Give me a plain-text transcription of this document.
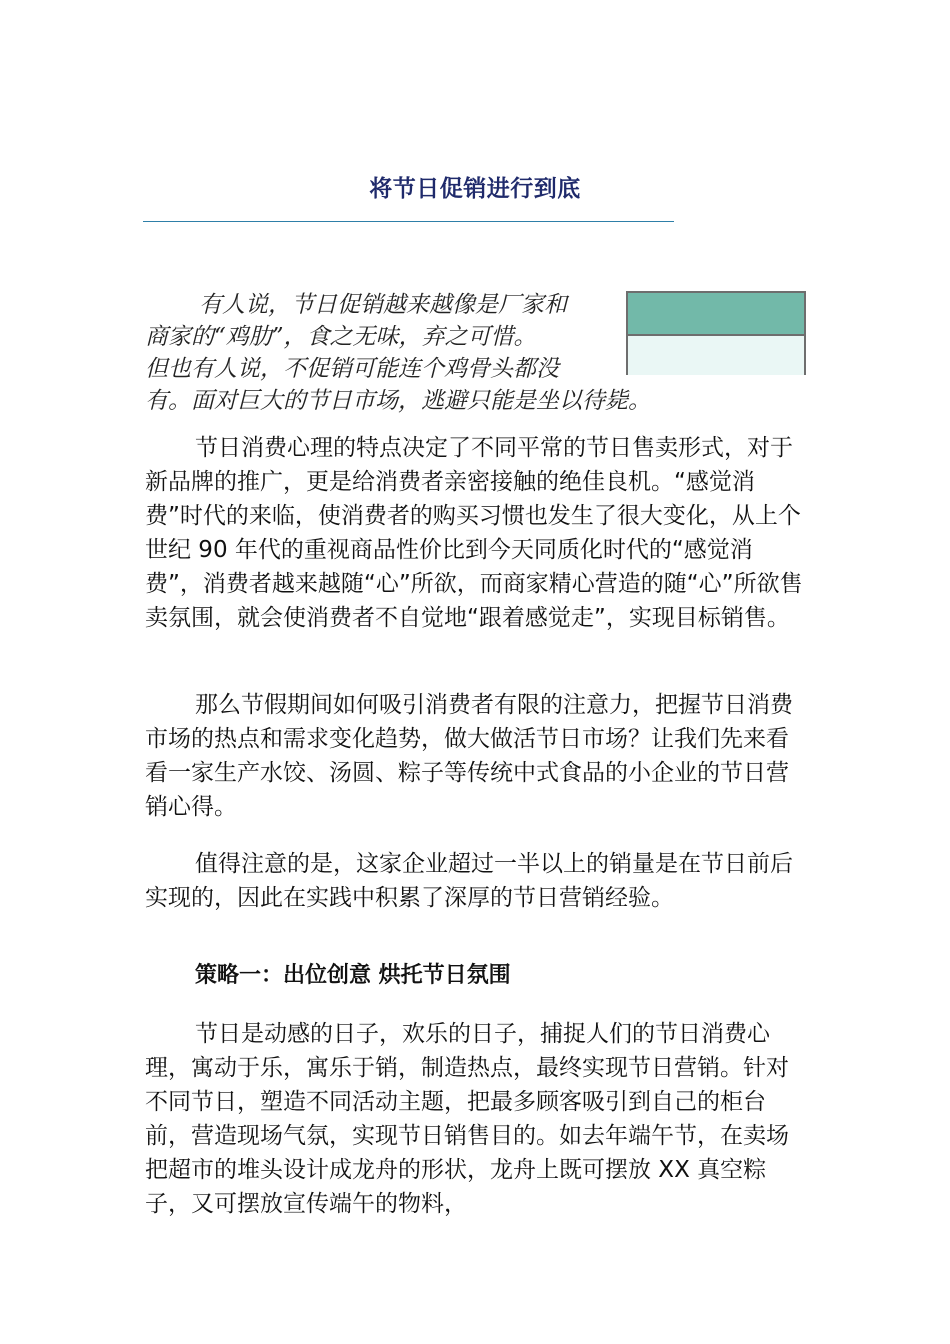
将节日促销进行到底

有人说，节日促销越来越像是厂家和

商家的“鸡肋”，食之无味，弃之可惜。

但也有人说，不促销可能连个鸡骨头都没

有。面对巨大的节日市场，逃避只能是坐以待毙。

节日消费心理的特点决定了不同平常的节日售卖形式，对于新品牌的推广，更是给消费者亲密接触的绝佳良机。“感觉消费”时代的来临，使消费者的购买习惯也发生了很大变化，从上个世纪 90 年代的重视商品性价比到今天同质化时代的“感觉消费”，消费者越来越随“心”所欲，而商家精心营造的随“心”所欲售卖氛围，就会使消费者不自觉地“跟着感觉走”，实现目标销售。

那么节假期间如何吸引消费者有限的注意力，把握节日消费市场的热点和需求变化趋势，做大做活节日市场？让我们先来看看一家生产水饺、汤圆、粽子等传统中式食品的小企业的节日营销心得。

值得注意的是，这家企业超过一半以上的销量是在节日前后实现的，因此在实践中积累了深厚的节日营销经验。

策略一：出位创意 烘托节日氛围

节日是动感的日子，欢乐的日子，捕捉人们的节日消费心理，寓动于乐，寓乐于销，制造热点，最终实现节日营销。针对不同节日，塑造不同活动主题，把最多顾客吸引到自己的柜台前，营造现场气氛，实现节日销售目的。如去年端午节，在卖场把超市的堆头设计成龙舟的形状，龙舟上既可摆放 XX 真空粽子，又可摆放宣传端午的物料，
